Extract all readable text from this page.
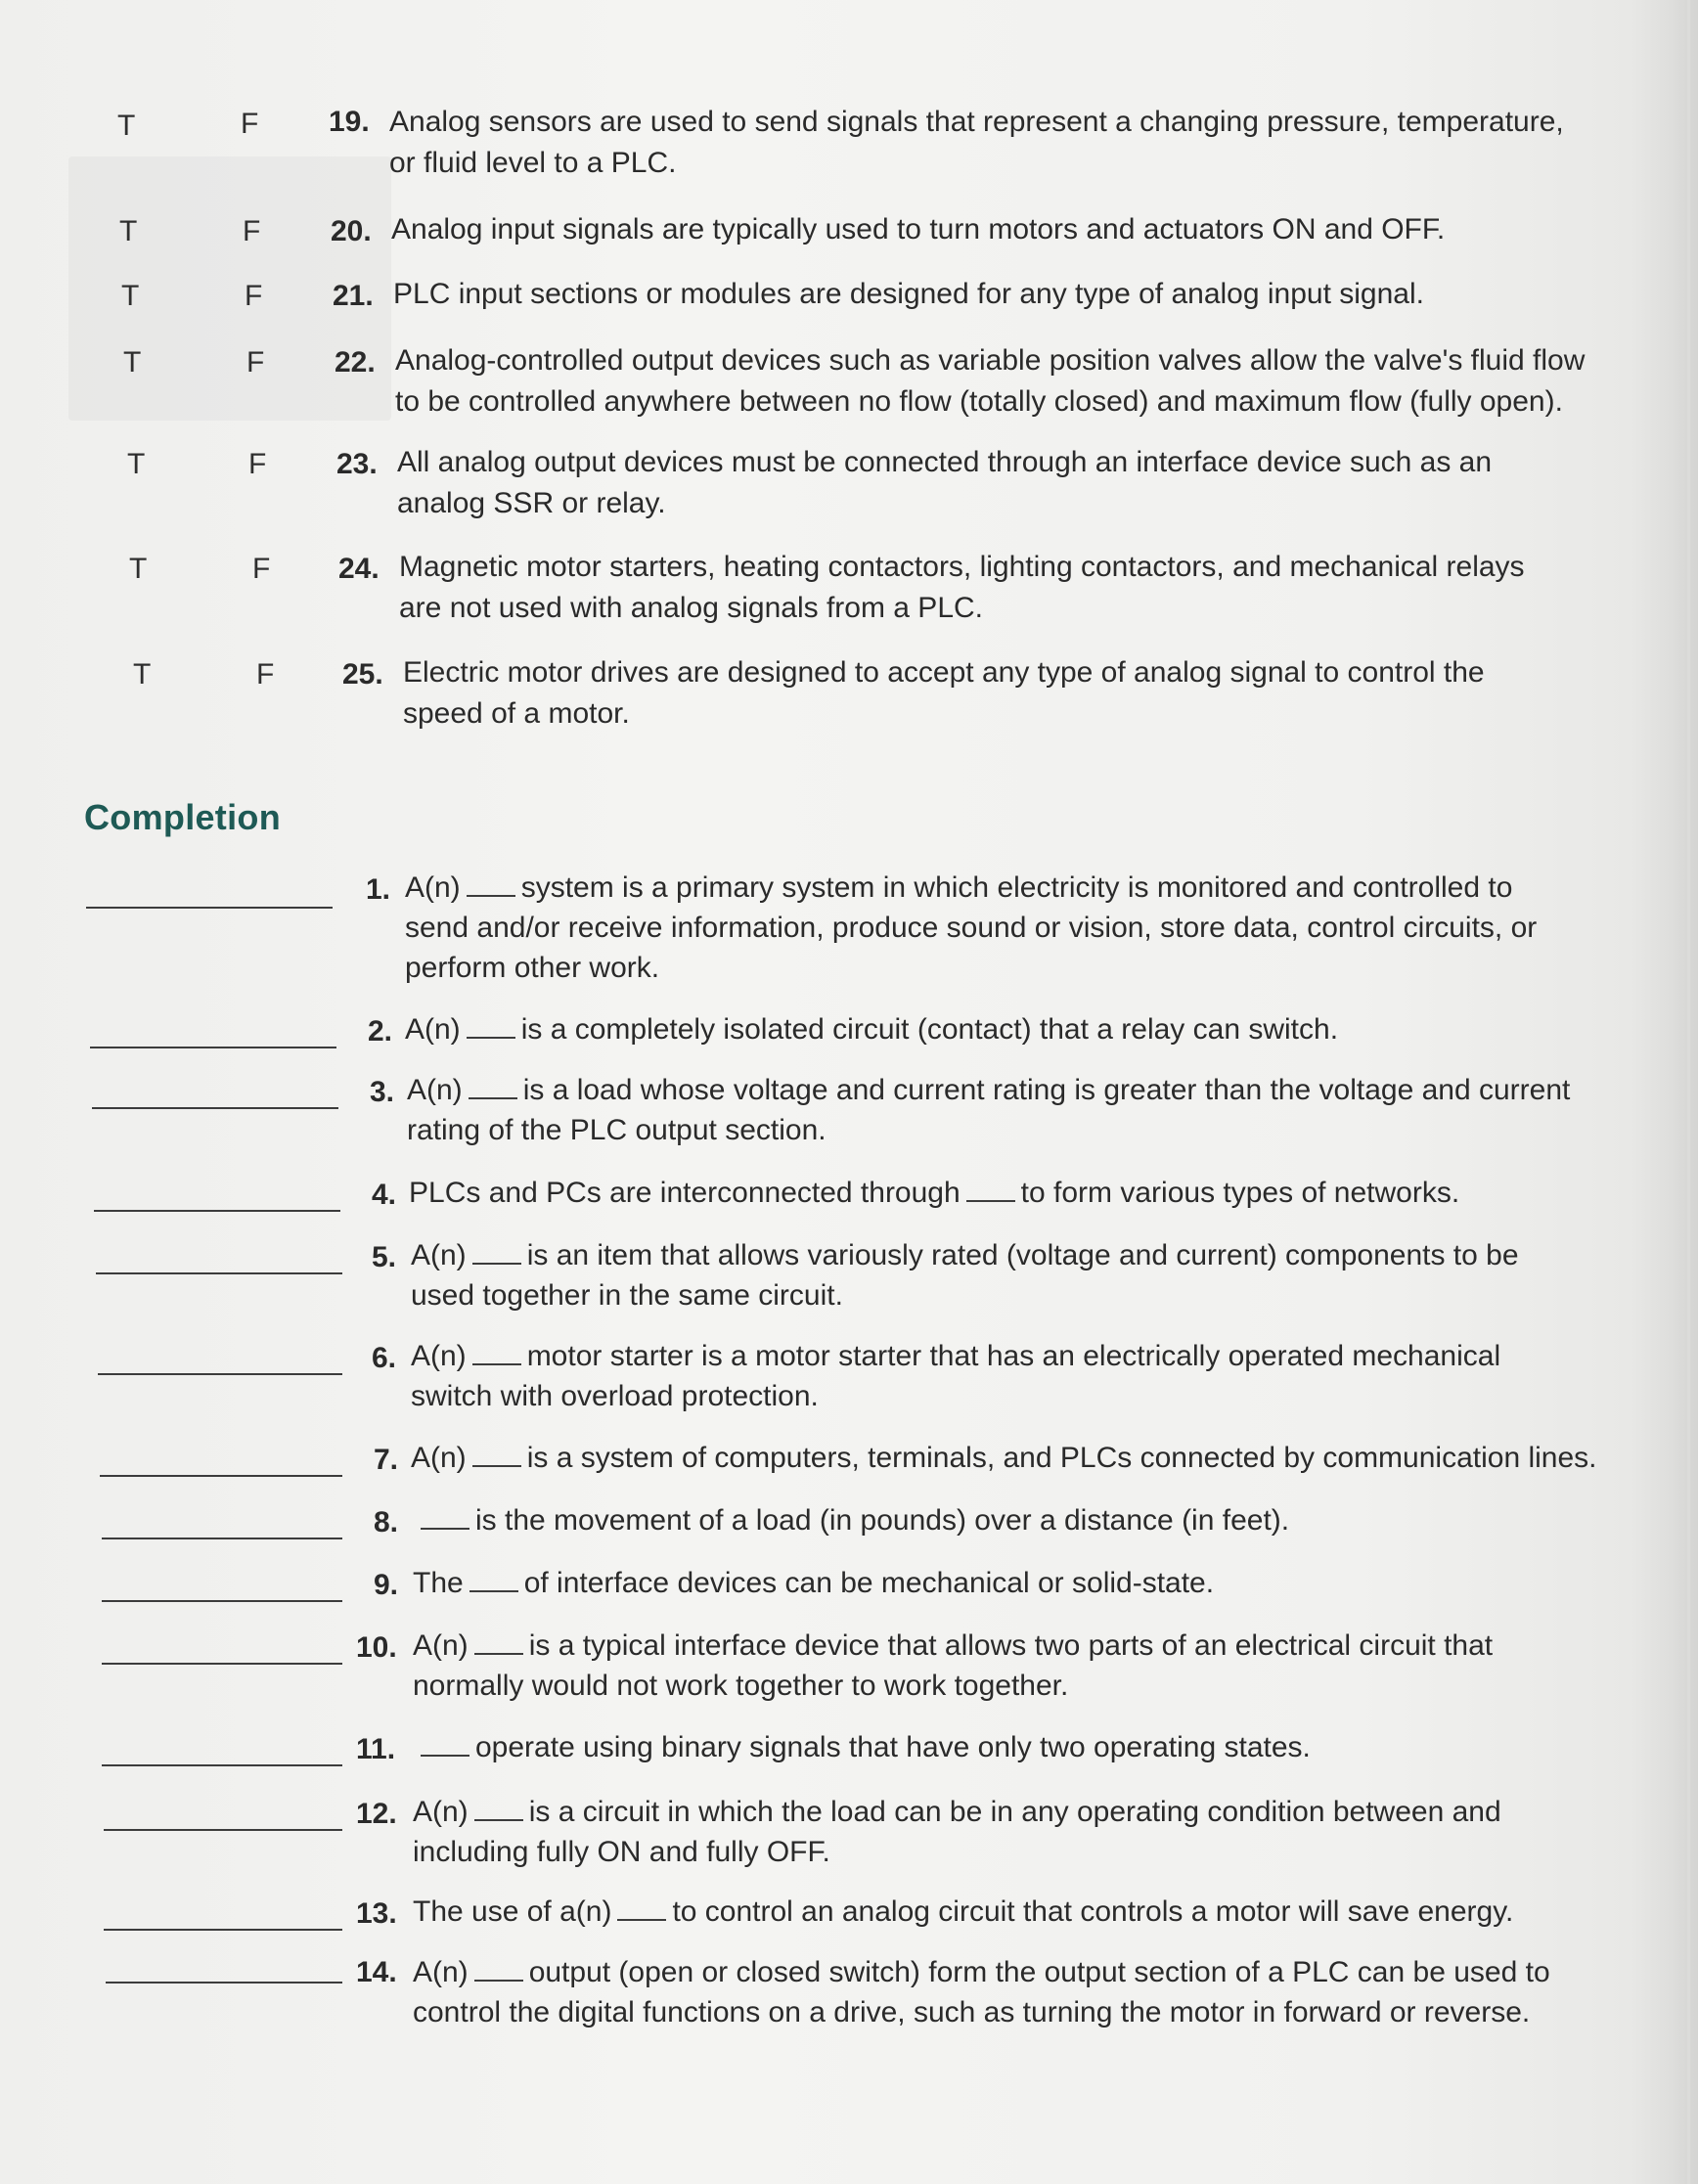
T	F 19. Analog sensors are used to send signals that represent a changing pressure, temperature,
or fluid level to a PLC.
T	F 20. Analog input signals are typically used to turn motors and actuators ON and OFF.
T	F 21. PLC input sections or modules are designed for any type of analog input signal.
T	F 22. Analog-controlled output devices such as variable position valves allow the valve's fluid flow
to be controlled anywhere between no flow (totally closed) and maximum flow (fully open).
T	F 23. All analog output devices must be connected through an interface device such as an
analog SSR or relay.
T	F 24. Magnetic motor starters, heating contactors, lighting contactors, and mechanical relays
are not used with analog signals from a PLC.
T	F 25. Electric motor drives are designed to accept any type of analog signal to control the
speed of a motor.
Completion
1. A(n) system is a primary system in which electricity is monitored and controlled to
send and/or receive information, produce sound or vision, store data, control circuits, or
perform other work.
2. A(n) is a completely isolated circuit (contact) that a relay can switch.
3. A(n) is a load whose voltage and current rating is greater than the voltage and current
rating of the PLC output section.
4. PLCs and PCs are interconnected through to form various types of networks.
5. A(n) is an item that allows variously rated (voltage and current) components to be
used together in the same circuit.
6. A(n) motor starter is a motor starter that has an electrically operated mechanical
switch with overload protection.
7. A(n) is a system of computers, terminals, and PLCs connected by communication lines.
8.	is the movement of a load (in pounds) over a distance (in feet).
9. The of interface devices can be mechanical or solid-state.
10. A(n) is a typical interface device that allows two parts of an electrical circuit that
normally would not work together to work together.
11.	operate using binary signals that have only two operating states.
12. A(n) is a circuit in which the load can be in any operating condition between and
including fully ON and fully OFF.
13. The use of a(n) to control an analog circuit that controls a motor will save energy.
14. A(n) output (open or closed switch) form the output section of a PLC can be used to
control the digital functions on a drive, such as turning the motor in forward or reverse.
